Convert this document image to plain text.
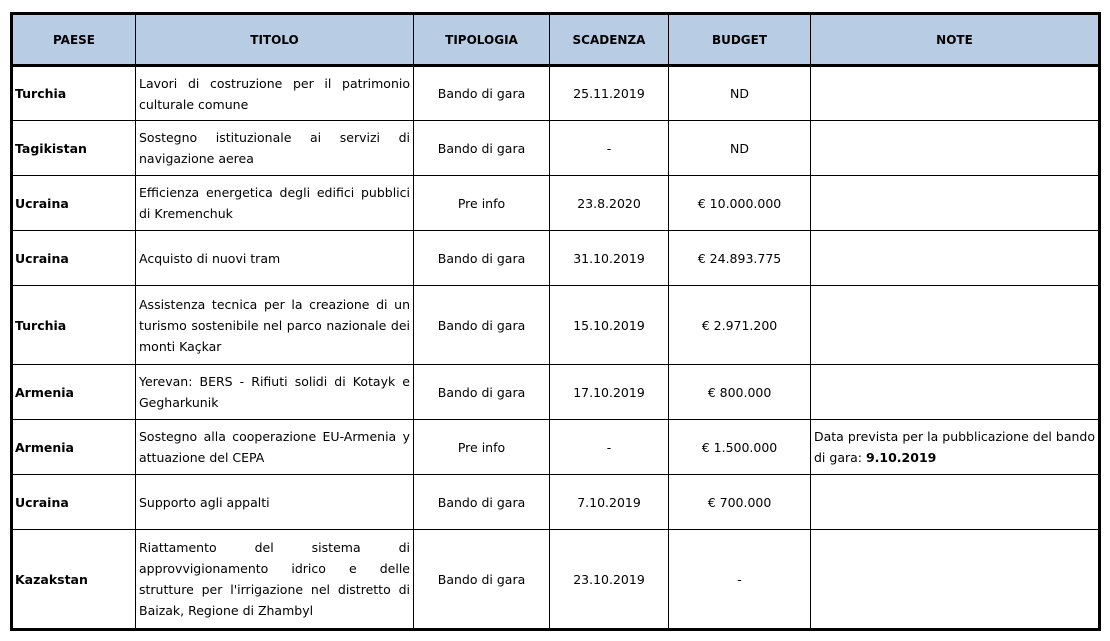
PAESE	TITOLO	TIPOLOGIA	SCADENZA	BUDGET	NOTE
Turchia	Lavori di costruzione per il patrimonio culturale comune	Bando di gara	25.11.2019	ND	
Tagikistan	Sostegno istituzionale ai servizi di navigazione aerea	Bando di gara	-	ND	
Ucraina	Efficienza energetica degli edifici pubblici di Kremenchuk	Pre info	23.8.2020	€ 10.000.000	
Ucraina	Acquisto di nuovi tram	Bando di gara	31.10.2019	€ 24.893.775	
Turchia	Assistenza tecnica per la creazione di un turismo sostenibile nel parco nazionale dei monti Kaçkar	Bando di gara	15.10.2019	€ 2.971.200	
Armenia	Yerevan: BERS - Rifiuti solidi di Kotayk e Gegharkunik	Bando di gara	17.10.2019	€ 800.000	
Armenia	Sostegno alla cooperazione EU-Armenia y attuazione del CEPA	Pre info	-	€ 1.500.000	Data prevista per la pubblicazione del bando di gara: 9.10.2019
Ucraina	Supporto agli appalti	Bando di gara	7.10.2019	€ 700.000	
Kazakstan	Riattamento del sistema di approvvigionamento idrico e delle strutture per l'irrigazione nel distretto di Baizak, Regione di Zhambyl	Bando di gara	23.10.2019	-	
